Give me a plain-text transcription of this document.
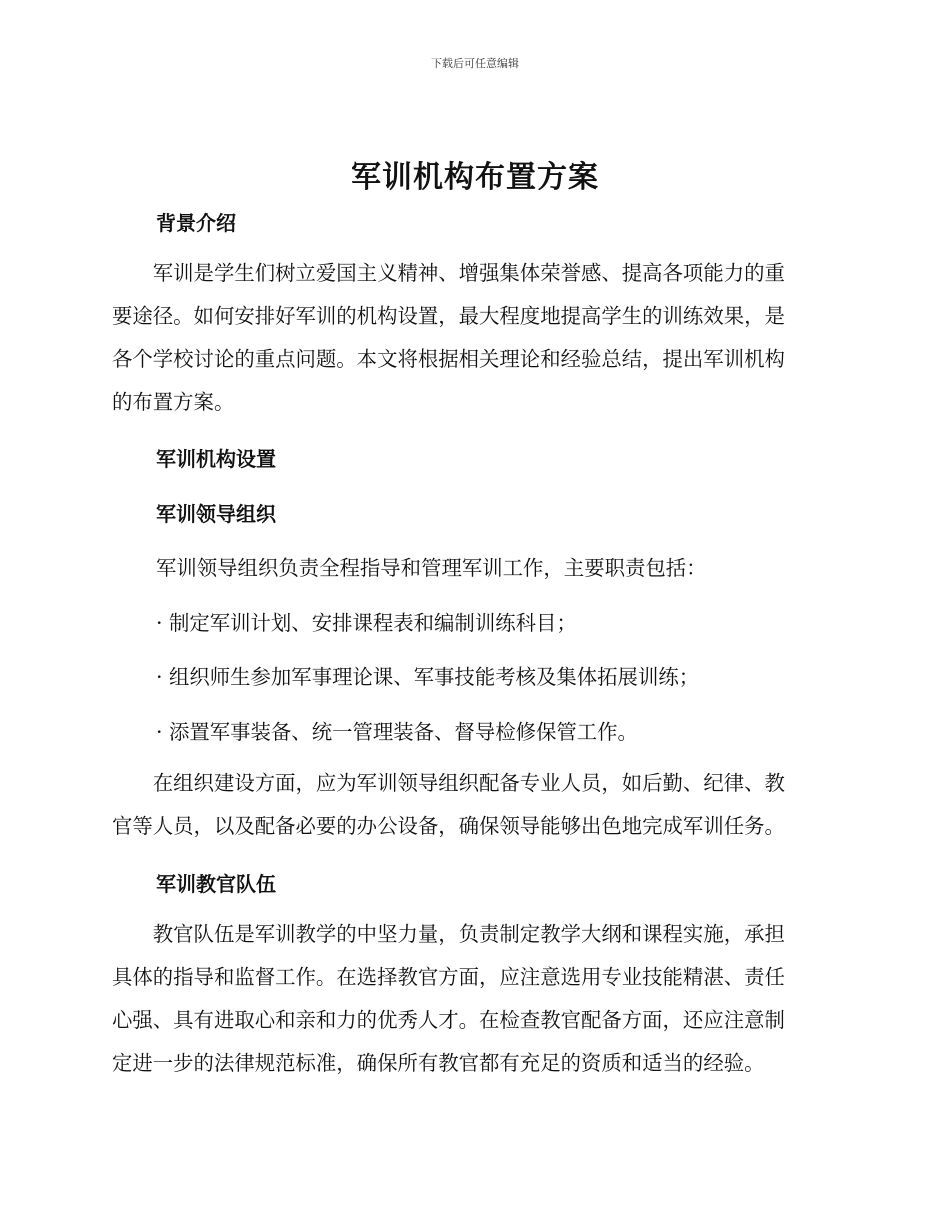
下载后可任意编辑
军训机构布置方案
背景介绍
　　军训是学生们树立爱国主义精神、增强集体荣誉感、提高各项能力的重
要途径。如何安排好军训的机构设置，最大程度地提高学生的训练效果，是
各个学校讨论的重点问题。本文将根据相关理论和经验总结，提出军训机构
的布置方案。
军训机构设置
军训领导组织
军训领导组织负责全程指导和管理军训工作，主要职责包括：
· 制定军训计划、安排课程表和编制训练科目；
· 组织师生参加军事理论课、军事技能考核及集体拓展训练；
· 添置军事装备、统一管理装备、督导检修保管工作。
　　在组织建设方面，应为军训领导组织配备专业人员，如后勤、纪律、教
官等人员，以及配备必要的办公设备，确保领导能够出色地完成军训任务。
军训教官队伍
　　教官队伍是军训教学的中坚力量，负责制定教学大纲和课程实施，承担
具体的指导和监督工作。在选择教官方面，应注意选用专业技能精湛、责任
心强、具有进取心和亲和力的优秀人才。在检查教官配备方面，还应注意制
定进一步的法律规范标准，确保所有教官都有充足的资质和适当的经验。
